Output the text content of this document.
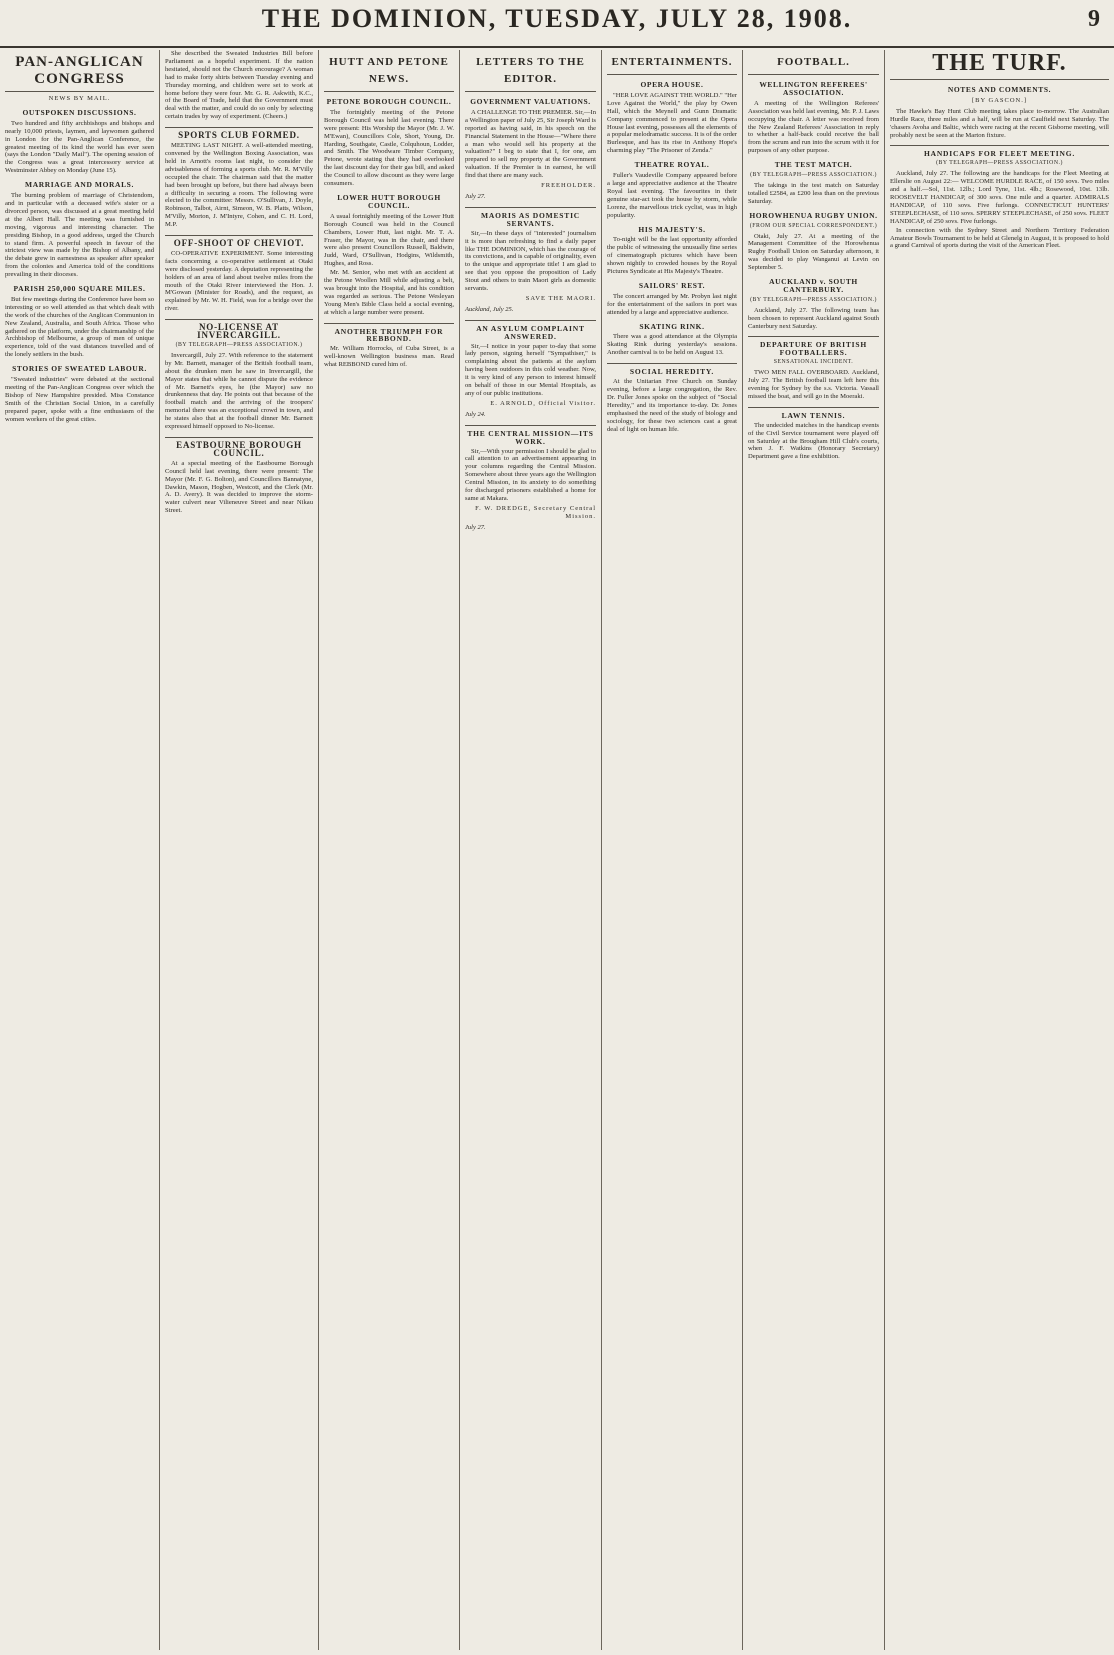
THE DOMINION, TUESDAY, JULY 28, 1908.	9
PAN-ANGLICAN CONGRESS
NEWS BY MAIL.
OUTSPOKEN DISCUSSIONS.
Two hundred and fifty archbishops and bishops and nearly 10,000 priests, laymen, and laywomen gathered in London for the Pan-Anglican Conference, the greatest meeting of its kind the world has ever seen (says the London "Daily Mail"). The opening session of the Congress was a great intercessory service at Westminster Abbey on Monday (June 15).
MARRIAGE AND MORALS.
The burning problem of marriage of Christendom, and in particular with a deceased wife's sister or a divorced person, was discussed at a great meeting held at the Albert Hall. The meeting was furnished in moving, vigorous and interesting character. The presiding Bishop, in a good address, urged the Church to stand firm. A powerful speech in favour of the strictest view was made by the Bishop of Albany, and the debate grew in earnestness as speaker after speaker from the colonies and America told of the conditions prevailing in their dioceses.
PARISH 250,000 SQUARE MILES.
But few meetings during the Conference have been so interesting or so well attended as that which dealt with the work of the churches of the Anglican Communion in New Zealand, Australia, and South Africa. Those who gathered on the platform, under the chairmanship of the Archbishop of Melbourne, a group of men of unique experience, told of the vast distances travelled and of the lonely settlers in the bush.
STORIES OF SWEATED LABOUR.
"Sweated industries" were debated at the sectional meeting of the Pan-Anglican Congress over which the Bishop of New Hampshire presided. Miss Constance Smith of the Christian Social Union, in a carefully prepared paper, spoke with a fine enthusiasm of the women workers of the great cities.
She described the Sweated Industries Bill before Parliament as a hopeful experiment. If the nation hesitated, should not the Church encourage? A woman had to make forty shirts between Tuesday evening and Thursday morning, and children were set to work at home before they were four. Mr. G. R. Askwith, K.C., of the Board of Trade, held that the Government must deal with the matter, and could do so only by selecting certain trades by way of experiment. (Cheers.)
SPORTS CLUB FORMED.
MEETING LAST NIGHT. A well-attended meeting, convened by the Wellington Boxing Association, was held in Arnott's rooms last night, to consider the advisableness of forming a sports club. Mr. R. M'Villy occupied the chair. The chairman said that the matter had been brought up before, but there had always been a difficulty in securing a room. The following were elected to the committee: Messrs. O'Sullivan, J. Doyle, Robinson, Talbot, Airnt, Simeon, W. B. Platts, Wilson, M'Villy, Morton, J. M'Intyre, Cohen, and C. H. Lord, M.P.
OFF-SHOOT OF CHEVIOT.
CO-OPERATIVE EXPERIMENT. Some interesting facts concerning a co-operative settlement at Otaki were disclosed yesterday. A deputation representing the holders of an area of land about twelve miles from the mouth of the Otaki River interviewed the Hon. J. M'Gowan (Minister for Roads), and the request, as explained by Mr. W. H. Field, was for a bridge over the river.
NO-LICENSE AT INVERCARGILL.
(BY TELEGRAPH—PRESS ASSOCIATION.)
Invercargill, July 27. With reference to the statement by Mr. Barnett, manager of the British football team, about the drunken men he saw in Invercargill, the Mayor states that while he cannot dispute the evidence of Mr. Barnett's eyes, he (the Mayor) saw no drunkenness that day. He points out that because of the football match and the arriving of the troopers' memorial there was an exceptional crowd in town, and he states also that at the football dinner Mr. Barnett expressed himself opposed to No-license.
EASTBOURNE BOROUGH COUNCIL.
At a special meeting of the Eastbourne Borough Council held last evening, there were present: The Mayor (Mr. F. G. Bolton), and Councillors Bannatyne, Dawkin, Mason, Hogben, Westcott, and the Clerk (Mr. A. D. Avery). It was decided to improve the storm-water culvert near Vilieneuve Street and near Nikau Street.
HUTT AND PETONE NEWS.
PETONE BOROUGH COUNCIL.
The fortnightly meeting of the Petone Borough Council was held last evening. There were present: His Worship the Mayor (Mr. J. W. M'Ewan), Councillors Cole, Short, Young, Dr. Harding, Southgate, Castle, Colquhoun, Lodder, and Smith. The Woodware Timber Company, Petone, wrote stating that they had overlooked the last discount day for their gas bill, and asked the Council to allow discount as they were large consumers.
LOWER HUTT BOROUGH COUNCIL.
A usual fortnightly meeting of the Lower Hutt Borough Council was held in the Council Chambers, Lower Hutt, last night. Mr. T. A. Fraser, the Mayor, was in the chair, and there were also present Councillors Russell, Baldwin, Judd, Ward, O'Sullivan, Hodgins, Wildsmith, Hughes, and Ross.
Mr. M. Senior, who met with an accident at the Petone Woollen Mill while adjusting a belt, was brought into the Hospital, and his condition was regarded as serious. The Petone Wesleyan Young Men's Bible Class held a social evening, at which a large number were present.
ANOTHER TRIUMPH FOR REBBOND.
Mr. William Horrocks, of Cuba Street, is a well-known Wellington business man. Read what REBBOND cured him of.
LETTERS TO THE EDITOR.
GOVERNMENT VALUATIONS.
A CHALLENGE TO THE PREMIER. Sir,—In a Wellington paper of July 25, Sir Joseph Ward is reported as having said, in his speech on the Financial Statement in the House—"Where there a man who would sell his property at the valuation?" I beg to state that I, for one, am prepared to sell my property at the Government valuation. If the Premier is in earnest, he will find that there are many such.
FREEHOLDER.
July 27.
MAORIS AS DOMESTIC SERVANTS.
Sir,—In these days of "interested" journalism it is more than refreshing to find a daily paper like THE DOMINION, which has the courage of its convictions, and is capable of originality, even to the unique and appropriate title! I am glad to see that you oppose the proposition of Lady Stout and others to train Maori girls as domestic servants.
SAVE THE MAORI.
Auckland, July 25.
AN ASYLUM COMPLAINT ANSWERED.
Sir,—I notice in your paper to-day that some lady person, signing herself "Sympathiser," is complaining about the patients at the asylum having been outdoors in this cold weather. Now, it is very kind of any person to interest himself on behalf of those in our Mental Hospitals, as any of our public institutions.
E. ARNOLD, Official Visitor.
July 24.
THE CENTRAL MISSION—ITS WORK.
Sir,—With your permission I should be glad to call attention to an advertisement appearing in your columns regarding the Central Mission. Somewhere about three years ago the Wellington Central Mission, in its anxiety to do something for discharged prisoners established a home for same at Makara.
F. W. DREDGE, Secretary Central Mission.
July 27.
ENTERTAINMENTS.
OPERA HOUSE.
"HER LOVE AGAINST THE WORLD." "Her Love Against the World," the play by Owen Hall, which the Meynell and Gunn Dramatic Company commenced to present at the Opera House last evening, possesses all the elements of a popular melodramatic success. It is of the order Burlesque, and has its rise in Anthony Hope's charming play "The Prisoner of Zenda."
THEATRE ROYAL.
Fuller's Vaudeville Company appeared before a large and appreciative audience at the Theatre Royal last evening. The favourites in their genuine star-act took the house by storm, while Lorenz, the marvellous trick cyclist, was in high popularity.
HIS MAJESTY'S.
To-night will be the last opportunity afforded the public of witnessing the unusually fine series of cinematograph pictures which have been shown nightly to crowded houses by the Royal Pictures Syndicate at His Majesty's Theatre.
SAILORS' REST.
The concert arranged by Mr. Probyn last night for the entertainment of the sailors in port was attended by a large and appreciative audience.
SKATING RINK.
There was a good attendance at the Olympia Skating Rink during yesterday's sessions. Another carnival is to be held on August 13.
SOCIAL HEREDITY.
At the Unitarian Free Church on Sunday evening, before a large congregation, the Rev. Dr. Fuller Jones spoke on the subject of "Social Heredity," and its importance to-day. Dr. Jones emphasised the need of the study of biology and sociology, for these two sciences cast a great deal of light on human life.
FOOTBALL.
WELLINGTON REFEREES' ASSOCIATION.
A meeting of the Wellington Referees' Association was held last evening, Mr. P. J. Laws occupying the chair. A letter was received from the New Zealand Referees' Association in reply to whether a half-back could receive the ball from the scrum and run into the scrum with it for purposes of any other purpose.
THE TEST MATCH.
(BY TELEGRAPH—PRESS ASSOCIATION.)
The takings in the test match on Saturday totalled £2584, as £200 less than on the previous Saturday.
HOROWHENUA RUGBY UNION.
(FROM OUR SPECIAL CORRESPONDENT.)
Otaki, July 27. At a meeting of the Management Committee of the Horowhenua Rugby Football Union on Saturday afternoon, it was decided to play Wanganui at Levin on September 5.
AUCKLAND v. SOUTH CANTERBURY.
(BY TELEGRAPH—PRESS ASSOCIATION.)
Auckland, July 27. The following team has been chosen to represent Auckland against South Canterbury next Saturday.
DEPARTURE OF BRITISH FOOTBALLERS.
SENSATIONAL INCIDENT.
TWO MEN FALL OVERBOARD. Auckland, July 27. The British football team left here this evening for Sydney by the s.s. Victoria. Vassall missed the boat, and will go in the Moeraki.
LAWN TENNIS.
The undecided matches in the handicap events of the Civil Service tournament were played off on Saturday at the Brougham Hill Club's courts, when J. F. Watkins (Honorary Secretary) Department gave a fine exhibition.
THE TURF.
NOTES AND COMMENTS.
[BY GASCON.]
The Hawke's Bay Hunt Club meeting takes place to-morrow. The Australian Hurdle Race, three miles and a half, will be run at Caulfield next Saturday. The 'chasers Avoha and Baltic, which were racing at the recent Gisborne meeting, will probably next be seen at the Marton fixture.
HANDICAPS FOR FLEET MEETING.
(BY TELEGRAPH—PRESS ASSOCIATION.)
Auckland, July 27. The following are the handicaps for the Fleet Meeting at Ellerslie on August 22:— WELCOME HURDLE RACE, of 150 sovs. Two miles and a half.—Sol, 11st. 12lb.; Lord Tyne, 11st. 4lb.; Rosewood, 10st. 13lb. ROOSEVELT HANDICAP, of 300 sovs. One mile and a quarter. ADMIRALS HANDICAP, of 110 sovs. Five furlongs. CONNECTICUT HUNTERS' STEEPLECHASE, of 110 sovs. SPERRY STEEPLECHASE, of 250 sovs. FLEET HANDICAP, of 250 sovs. Five furlongs.
In connection with the Sydney Street and Northern Territory Federation Amateur Bowls Tournament to be held at Glenelg in August, it is proposed to hold a grand Carnival of sports during the visit of the American Fleet.
